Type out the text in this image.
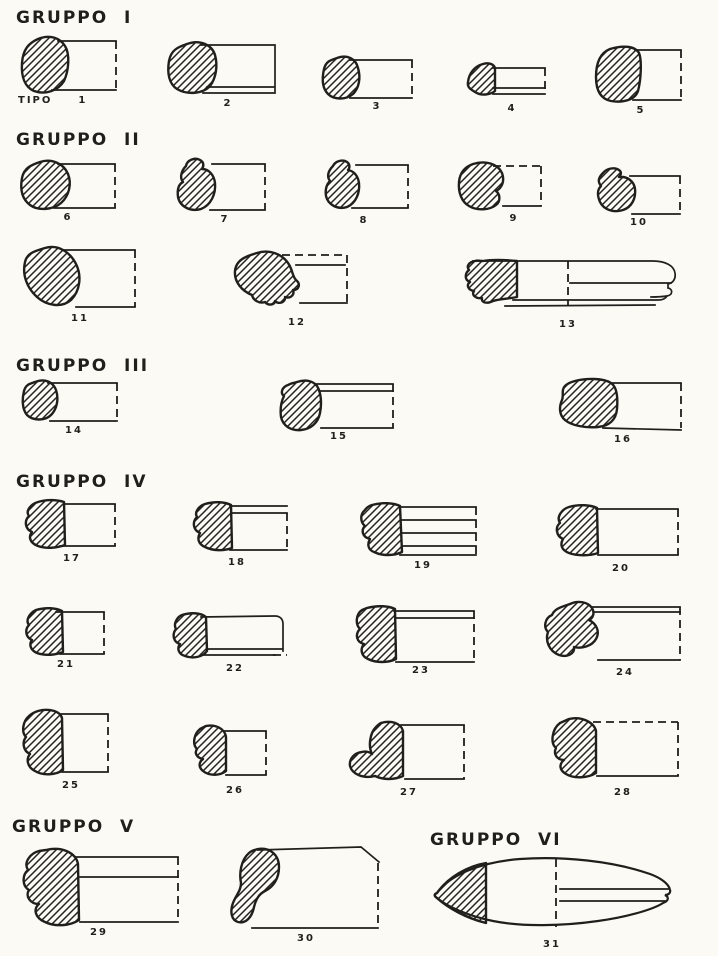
GRUPPO  I
GRUPPO  II
GRUPPO  III
GRUPPO  IV
GRUPPO  V
GRUPPO  VI
TIPO	1	2	3	4	5
6	7	8	9	10
11	12	13
14
15	16
17	18	19	20
21	22	23	24
25	26	27	28
29
30
31
